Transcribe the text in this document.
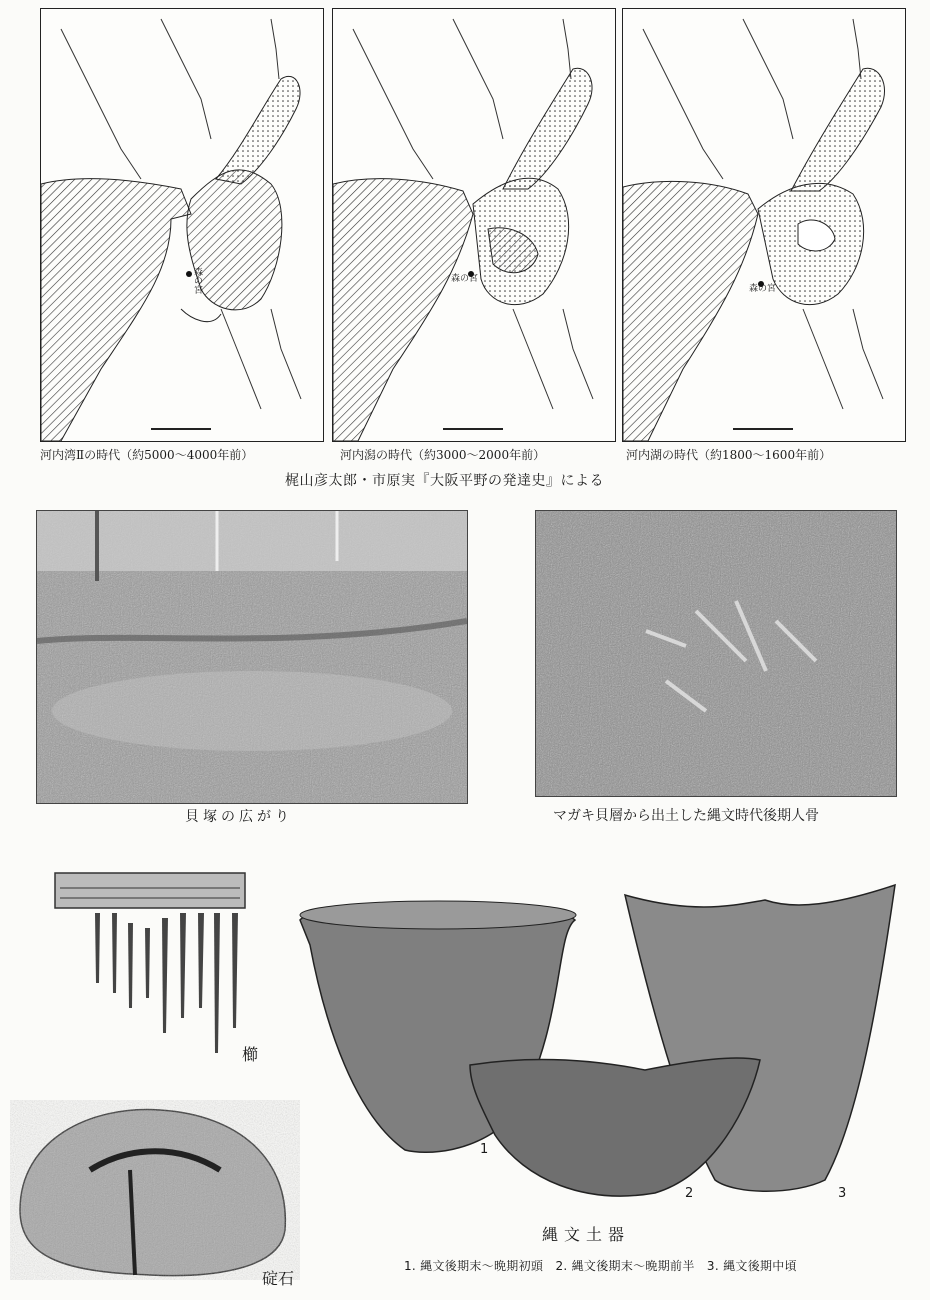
森の宮	森の宮
森の宮
河内湾Ⅱの時代（約5000～4000年前）	河内潟の時代（約3000～2000年前）	河内湖の時代（約1800～1600年前）
梶山彦太郎・市原実『大阪平野の発達史』による
貝塚の広がり	マガキ貝層から出土した縄文時代後期人骨
櫛
碇石
1
2	3
縄文土器
1. 縄文後期末～晩期初頭　2. 縄文後期末～晩期前半　3. 縄文後期中頃
